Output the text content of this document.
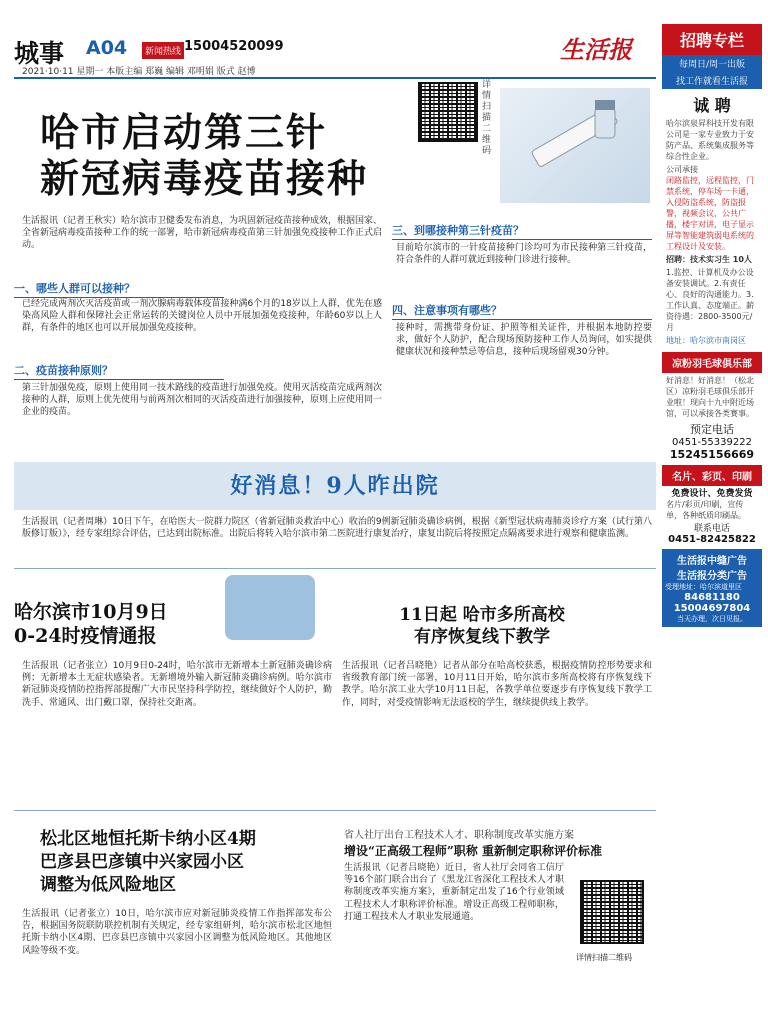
城事 A04	新闻热线 15004520099
2021·10·11 星期一 本版主编 郑巍 编辑 邓明娟 版式 赵博
生活报
哈市启动第三针
新冠病毒疫苗接种
详情扫描二维码
生活报讯（记者王秋实）哈尔滨市卫健委发布消息，为巩固新冠疫苗接种成效，根据国家、全省新冠病毒疫苗接种工作的统一部署，哈市新冠病毒疫苗第三针加强免疫接种工作正式启动。
一、哪些人群可以接种？
已经完成两剂次灭活疫苗或一剂次腺病毒载体疫苗接种满6个月的18岁以上人群，优先在感染高风险人群和保障社会正常运转的关键岗位人员中开展加强免疫接种，年龄60岁以上人群，有条件的地区也可以开展加强免疫接种。
二、疫苗接种原则？
第三针加强免疫，原则上使用同一技术路线的疫苗进行加强免疫。使用灭活疫苗完成两剂次接种的人群，原则上优先使用与前两剂次相同的灭活疫苗进行加强接种，原则上应使用同一企业的疫苗。
三、到哪接种第三针疫苗？
目前哈尔滨市的一针疫苗接种门诊均可为市民接种第三针疫苗，符合条件的人群可就近到接种门诊进行接种。
四、注意事项有哪些？
接种时，需携带身份证、护照等相关证件，并根据本地防控要求，做好个人防护，配合现场预防接种工作人员询问，如实提供健康状况和接种禁忌等信息，接种后现场留观30分钟。
好消息！9人昨出院
生活报讯（记者周琳）10日下午，在哈医大一院群力院区（省新冠肺炎救治中心）收治的9例新冠肺炎确诊病例，根据《新型冠状病毒肺炎诊疗方案（试行第八版修订版）》，经专家组综合评估，已达到出院标准。出院后将转入哈尔滨市第二医院进行康复治疗，康复出院后将按照定点隔离要求进行观察和健康监测。
哈尔滨市10月9日
0-24时疫情通报
生活报讯（记者张立）10月9日0-24时，哈尔滨市无新增本土新冠肺炎确诊病例；无新增本土无症状感染者。无新增境外输入新冠肺炎确诊病例。哈尔滨市新冠肺炎疫情防控指挥部提醒广大市民坚持科学防控，继续做好个人防护，勤洗手、常通风、出门戴口罩，保持社交距离。
11日起 哈市多所高校
有序恢复线下教学
生活报讯（记者吕晓艳）记者从部分在哈高校获悉，根据疫情防控形势要求和省级教育部门统一部署，10月11日开始，哈尔滨市多所高校将有序恢复线下教学。哈尔滨工业大学10月11日起，各教学单位要逐步有序恢复线下教学工作，同时，对受疫情影响无法返校的学生，继续提供线上教学。
松北区地恒托斯卡纳小区4期
巴彦县巴彦镇中兴家园小区
调整为低风险地区
生活报讯（记者张立）10日，哈尔滨市应对新冠肺炎疫情工作指挥部发布公告，根据国务院联防联控机制有关规定，经专家组研判，哈尔滨市松北区地恒托斯卡纳小区4期、巴彦县巴彦镇中兴家园小区调整为低风险地区。其他地区风险等级不变。
省人社厅出台工程技术人才、职称制度改革实施方案
增设“正高级工程师”职称 重新制定职称评价标准
生活报讯（记者吕晓艳）近日，省人社厅会同省工信厅等16个部门联合出台了《黑龙江省深化工程技术人才职称制度改革实施方案》，重新制定出发了16个行业领域工程技术人才职称评价标准。增设正高级工程师职称，打通工程技术人才职业发展通道。
详情扫描二维码
招聘专栏
每周日/周一出版
找工作就看生活报
诚 聘
哈尔滨泉昇科技开发有限公司是一家专业致力于安防产品、系统集成服务等综合性企业。
公司承接
闭路监控，远程监控，门禁系统，停车场一卡通，入侵防盗系统，防盗报警，视频会议，公共广播，楼宇对讲，电子显示屏等智能建筑弱电系统的工程设计及安装。
招聘：技术实习生 10人
1.监控、计算机及办公设备安装调试。2.有责任心、良好的沟通能力。3.工作认真、态度端正。薪资待遇：2800-3500元/月
地址：哈尔滨市南岗区
凉粉羽毛球俱乐部
好消息！好消息！（松北区）凉粉羽毛球俱乐部开业啦！现向十九中附近场馆，可以承接各类赛事。
预定电话
0451-55339222
15245156669
名片、彩页、印刷
免费设计、免费发货
名片/彩页/印刷，宣传单，各种纸质印刷品。
联系电话
0451-82425822
生活报中缝广告
生活报分类广告
受理地址：哈尔滨道里区
84681180
15004697804
当天办理，次日见报。
